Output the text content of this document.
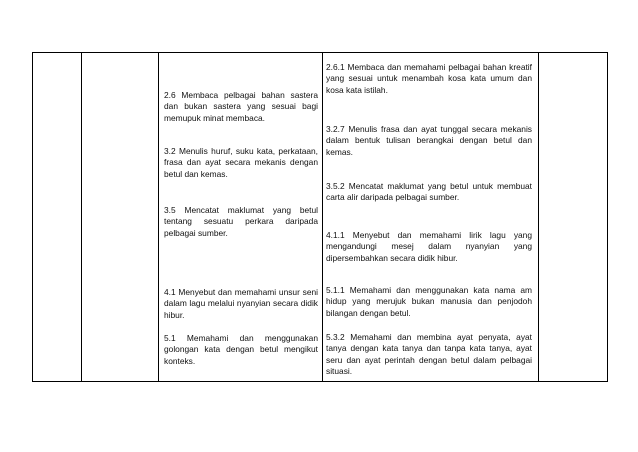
2.6 Membaca pelbagai bahan sastera dan bukan sastera yang sesuai bagi memupuk minat membaca.
3.2 Menulis huruf, suku kata, perkataan, frasa dan ayat secara mekanis dengan betul dan kemas.
3.5 Mencatat maklumat yang betul tentang sesuatu perkara daripada pelbagai sumber.
4.1 Menyebut dan memahami unsur seni dalam lagu melalui nyanyian secara didik hibur.
5.1 Memahami dan menggunakan golongan kata dengan betul mengikut konteks.
2.6.1 Membaca dan memahami pelbagai bahan kreatif yang sesuai untuk menambah kosa kata umum dan kosa kata istilah.
3.2.7 Menulis frasa dan ayat tunggal secara mekanis dalam bentuk tulisan berangkai dengan betul dan kemas.
3.5.2 Mencatat maklumat yang betul untuk membuat carta alir daripada pelbagai sumber.
4.1.1 Menyebut dan memahami lirik lagu yang mengandungi mesej dalam nyanyian yang dipersembahkan secara didik hibur.
5.1.1 Memahami dan menggunakan kata nama am hidup yang merujuk bukan manusia dan penjodoh bilangan dengan betul.
5.3.2 Memahami dan membina ayat penyata, ayat tanya dengan kata tanya dan tanpa kata tanya, ayat seru dan ayat perintah dengan betul dalam pelbagai situasi.
